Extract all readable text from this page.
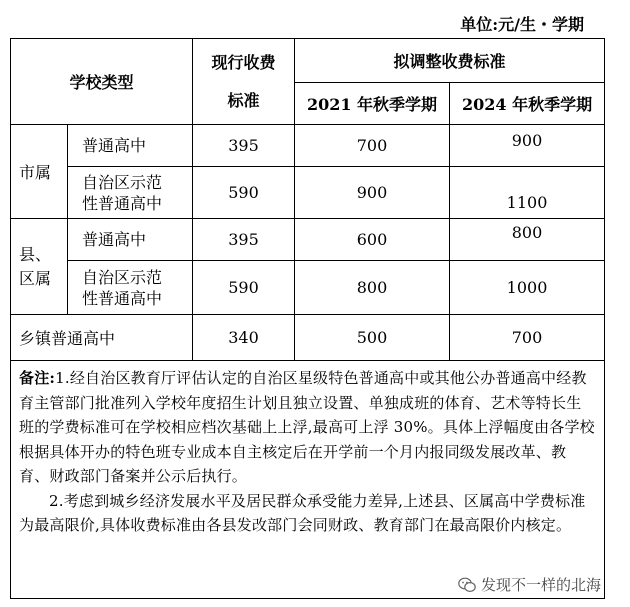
单位:元/生・学期
学校类型		现行收费
标准	拟调整收费标准	
			2021 年秋季学期	2024 年秋季学期
市属	普通高中	395	700	900

	自治区示范
性普通高中	590	900	1100

县、
区属	普通高中	395	600	800

	自治区示范
性普通高中	590	800	1000
乡镇普通高中		340	500	700

备注:1.经自治区教育厅评估认定的自治区星级特色普通高中或其他公办普通高中经教育主管部门批准列入学校年度招生计划且独立设置、单独成班的体育、艺术等特长生班的学费标准可在学校相应档次基础上上浮,最高可上浮 30%。具体上浮幅度由各学校根据具体开办的特色班专业成本自主核定后在开学前一个月内报同级发展改革、教育、财政部门备案并公示后执行。

2.考虑到城乡经济发展水平及居民群众承受能力差异,上述县、区属高中学费标准为最高限价,具体收费标准由各县发改部门会同财政、教育部门在最高限价内核定。				

发现不一样的北海
